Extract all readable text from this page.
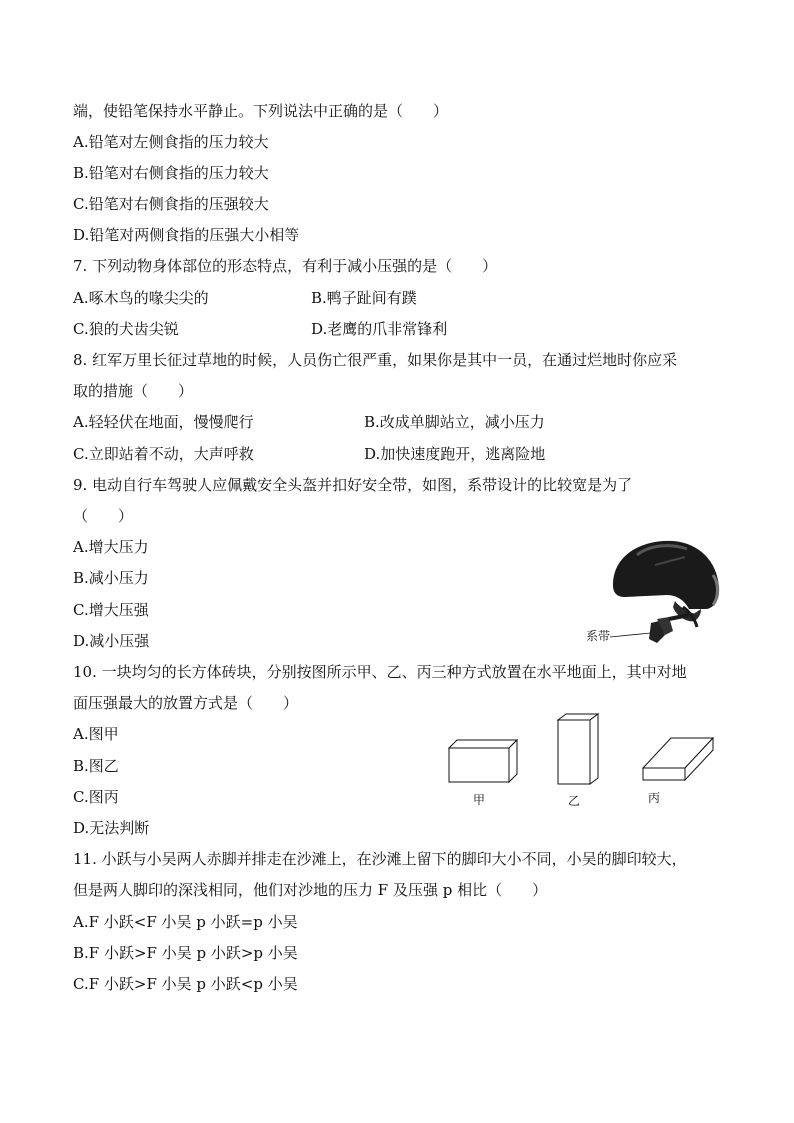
端，使铅笔保持水平静止。下列说法中正确的是（　　）
A.铅笔对左侧食指的压力较大
B.铅笔对右侧食指的压力较大
C.铅笔对右侧食指的压强较大
D.铅笔对两侧食指的压强大小相等
7. 下列动物身体部位的形态特点，有利于减小压强的是（　　）
A.啄木鸟的喙尖尖的	B.鸭子趾间有蹼
C.狼的犬齿尖锐	D.老鹰的爪非常锋利
8. 红军万里长征过草地的时候，人员伤亡很严重，如果你是其中一员，在通过烂地时你应采
取的措施（　　）
A.轻轻伏在地面，慢慢爬行	B.改成单脚站立，减小压力
C.立即站着不动，大声呼救	D.加快速度跑开，逃离险地
9. 电动自行车驾驶人应佩戴安全头盔并扣好安全带，如图，系带设计的比较宽是为了
（　　）
A.增大压力
B.减小压力
C.增大压强
D.减小压强	系带
10. 一块均匀的长方体砖块，分别按图所示甲、乙、丙三种方式放置在水平地面上，其中对地
面压强最大的放置方式是（　　）
A.图甲
B.图乙
C.图丙
D.无法判断
甲	乙	丙
11. 小跃与小吴两人赤脚并排走在沙滩上，在沙滩上留下的脚印大小不同，小吴的脚印较大，
但是两人脚印的深浅相同，他们对沙地的压力 F 及压强 p 相比（　　）
A.F 小跃<F 小吴 p 小跃=p 小吴
B.F 小跃>F 小吴 p 小跃>p 小吴
C.F 小跃>F 小吴 p 小跃<p 小吴
